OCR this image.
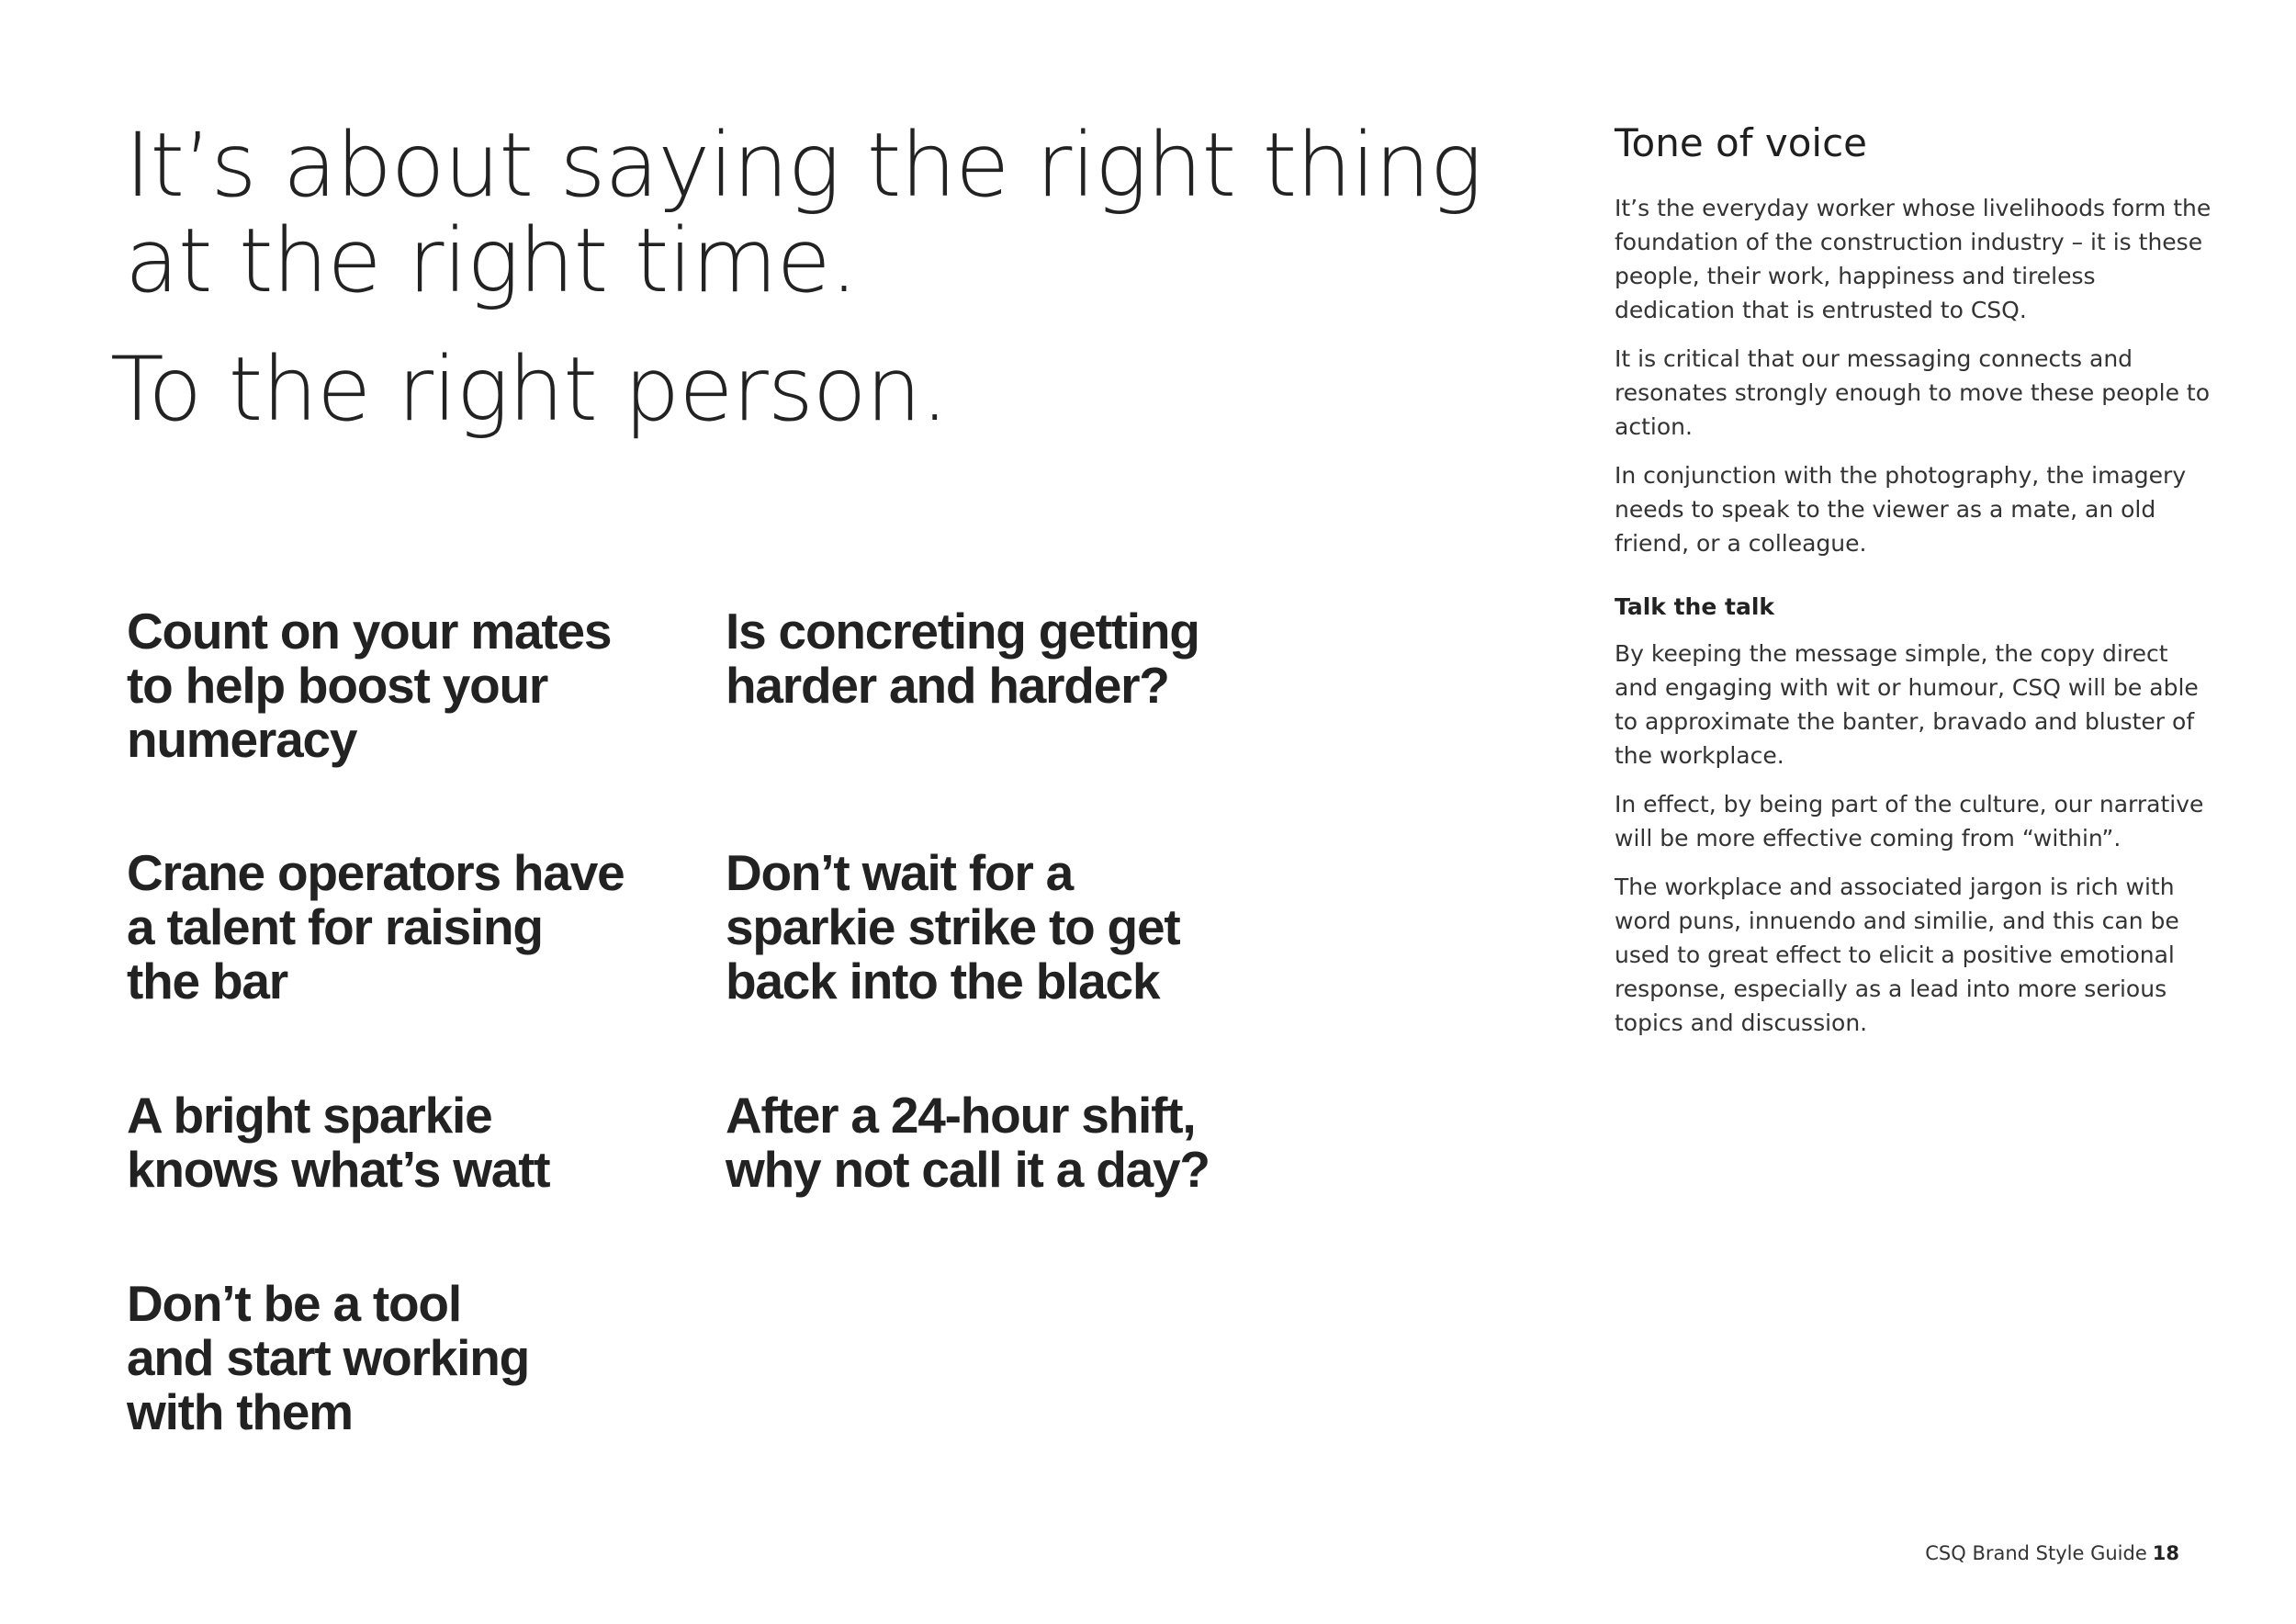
It’s about saying the right thing
at the right time.
To the right person.

Count on your mates
to help boost your
numeracy

Is concreting getting
harder and harder?

Crane operators have
a talent for raising
the bar

Don’t wait for a
sparkie strike to get
back into the black

A bright sparkie
knows what’s watt

After a 24-hour shift,
why not call it a day?

Don’t be a tool
and start working
with them

Tone of voice

It’s the everyday worker whose livelihoods form the foundation of the construction industry – it is these people, their work, happiness and tireless dedication that is entrusted to CSQ.

It is critical that our messaging connects and resonates strongly enough to move these people to action.

In conjunction with the photography, the imagery needs to speak to the viewer as a mate, an old friend, or a colleague.

Talk the talk

By keeping the message simple, the copy direct and engaging with wit or humour, CSQ will be able to approximate the banter, bravado and bluster of the workplace.

In effect, by being part of the culture, our narrative will be more effective coming from “within”.

The workplace and associated jargon is rich with word puns, innuendo and similie, and this can be used to great effect to elicit a positive emotional response, especially as a lead into more serious topics and discussion.

CSQ Brand Style Guide 18
